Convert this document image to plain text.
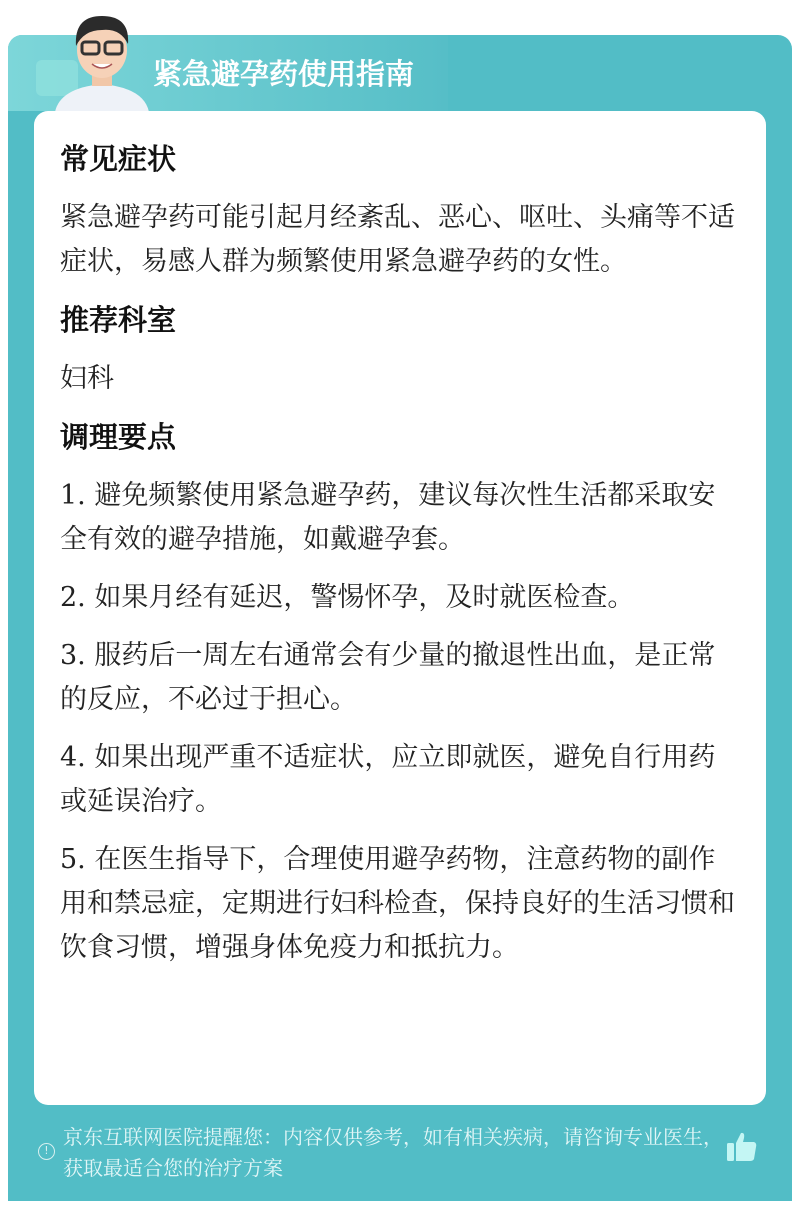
紧急避孕药使用指南
常见症状

紧急避孕药可能引起月经紊乱、恶心、呕吐、头痛等不适症状，易感人群为频繁使用紧急避孕药的女性。

推荐科室

妇科

调理要点

1. 避免频繁使用紧急避孕药，建议每次性生活都采取安全有效的避孕措施，如戴避孕套。

2. 如果月经有延迟，警惕怀孕，及时就医检查。

3. 服药后一周左右通常会有少量的撤退性出血，是正常的反应，不必过于担心。

4. 如果出现严重不适症状，应立即就医，避免自行用药或延误治疗。

5. 在医生指导下，合理使用避孕药物，注意药物的副作用和禁忌症，定期进行妇科检查，保持良好的生活习惯和饮食习惯，增强身体免疫力和抵抗力。

!
京东互联网医院提醒您：内容仅供参考，如有相关疾病，请咨询专业医生，获取最适合您的治疗方案
